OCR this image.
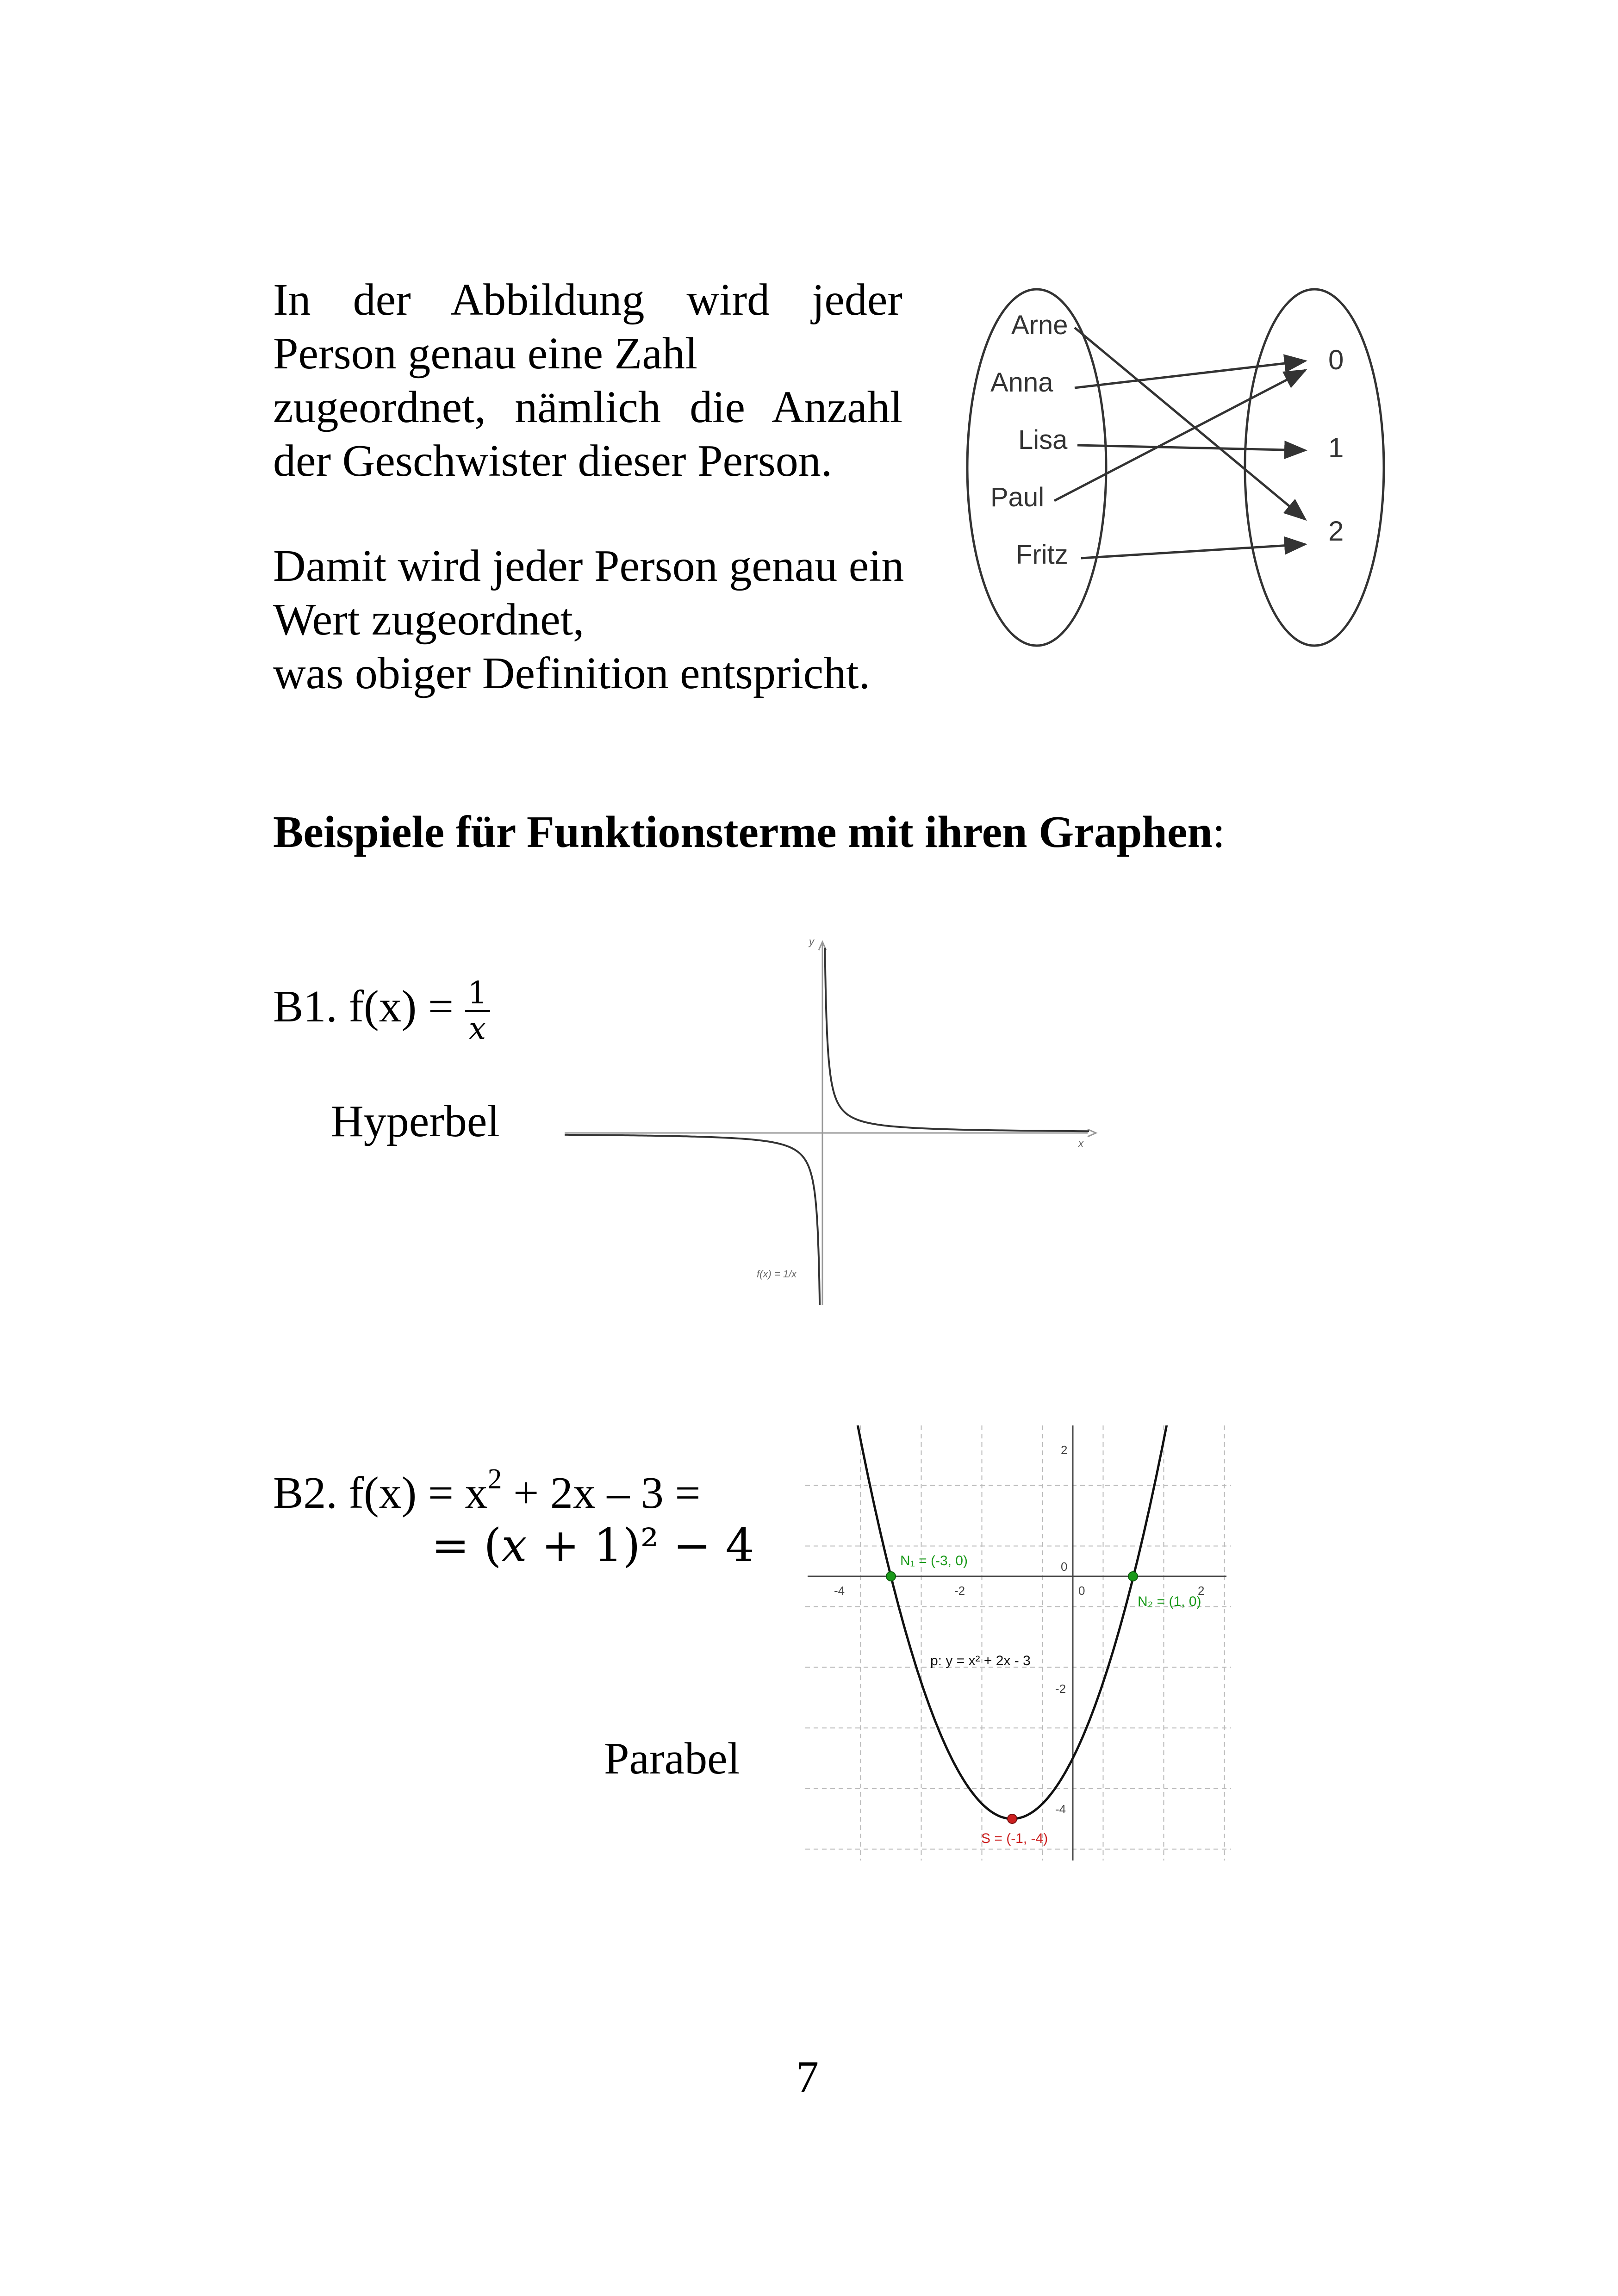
In der Abbildung wird jeder
Person genau eine Zahl
zugeordnet, nämlich die Anzahl
der Geschwister dieser Person.
Damit wird jeder Person genau ein
Wert zugeordnet,
was obiger Definition entspricht.
Arne
Anna
Lisa
Paul
Fritz
0
1
2
Beispiele für Funktionsterme mit ihren Graphen:
B1. $f(x) = \frac{1}{x}$
Hyperbel
y
x
f(x) = 1/x
B2. $f(x) = x^2 + 2x - 3$ =
= (𝑥 + 1)² − 4
Parabel
-4	-2	0	2
2
0
-2
-4
N₁ = (-3, 0)
N₂ = (1, 0)
p: y = x² + 2x - 3
S = (-1, -4)
7
